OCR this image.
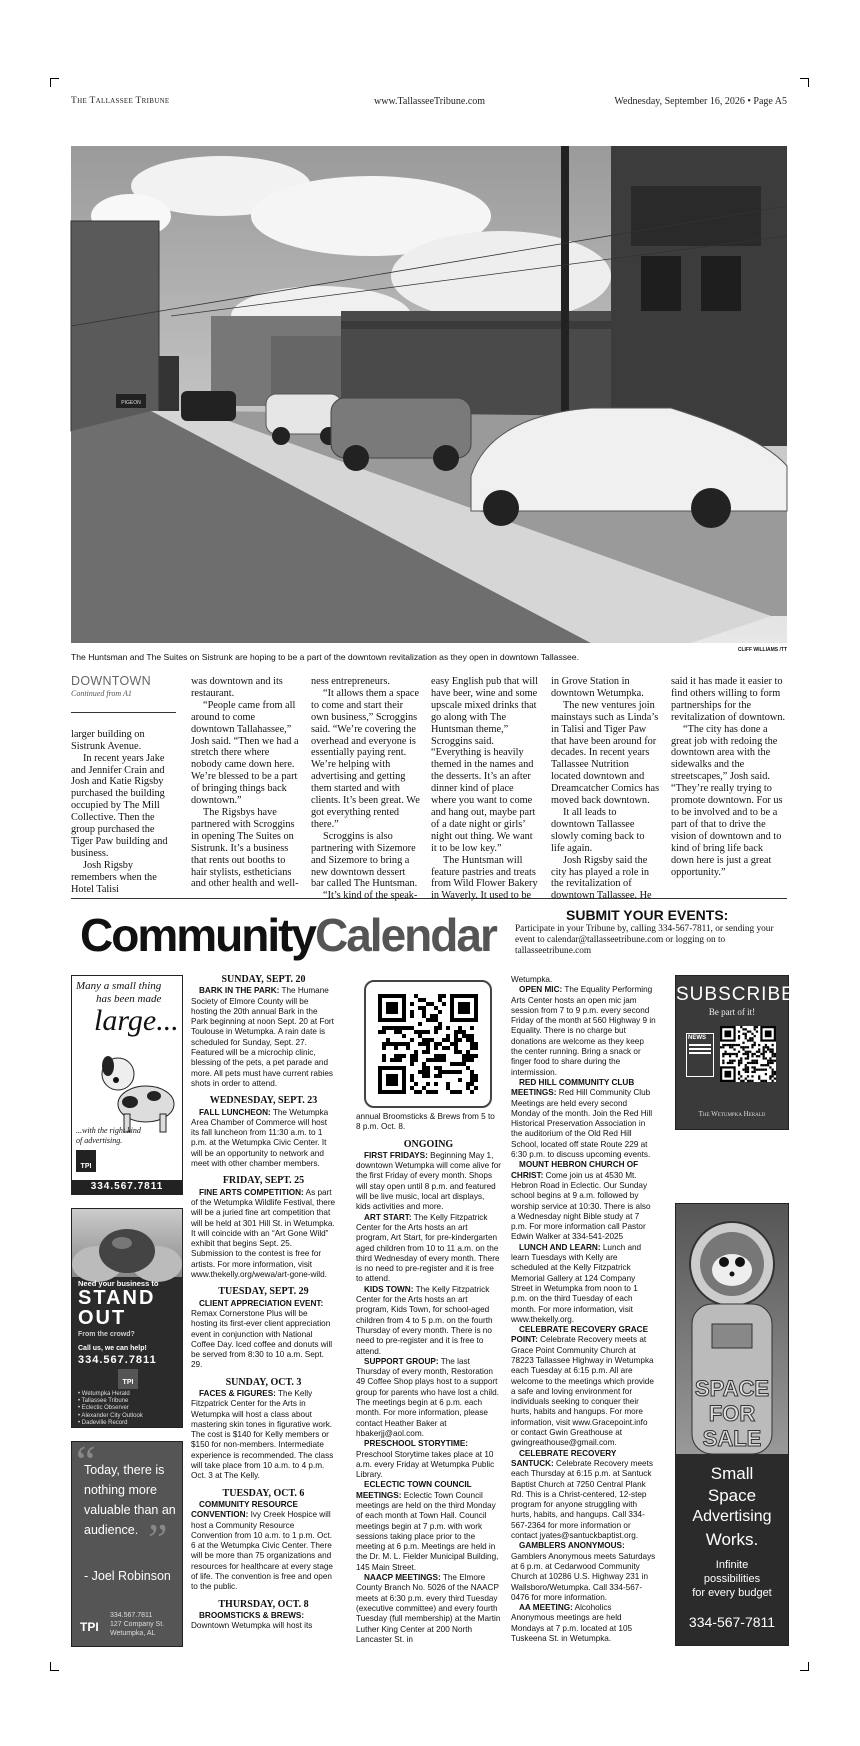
The Tallassee Tribune	www.TallasseeTribune.com	Wednesday, September 16, 2026 • Page A5
PIGEON
CLIFF WILLIAMS /TT
The Huntsman and The Suites on Sistrunk are hoping to be a part of the downtown revitalization as they open in downtown Tallassee.
DOWNTOWN
Continued from A1

larger building on Sistrunk Avenue.

In recent years Jake and Jennifer Crain and Josh and Katie Rigsby purchased the building occupied by The Mill Collective. Then the group purchased the Tiger Paw building and business.

Josh Rigsby remembers when the Hotel Talisi

was downtown and its restaurant.

“People came from all around to come downtown Tallahassee,” Josh said. “Then we had a stretch there where nobody came down here. We’re blessed to be a part of bringing things back downtown.”

The Rigsbys have partnered with Scroggins in opening The Suites on Sistrunk. It’s a business that rents out booths to hair stylists, estheticians and other health and well-

ness entrepreneurs.

“It allows them a space to come and start their own business,” Scroggins said. “We’re covering the overhead and everyone is essentially paying rent. We’re helping with advertising and getting them started and with clients. It’s been great. We got everything rented there.”

Scroggins is also partnering with Sizemore and Sizemore to bring a new downtown dessert bar called The Huntsman.

“It’s kind of the speak-

easy English pub that will have beer, wine and some upscale mixed drinks that go along with The Huntsman theme,” Scroggins said. “Everything is heavily themed in the names and the desserts. It’s an after dinner kind of place where you want to come and hang out, maybe part of a date night or girls’ night out thing. We want it to be low key.”

The Huntsman will feature pastries and treats from Wild Flower Bakery in Waverly. It used to be

in Grove Station in downtown Wetumpka.

The new ventures join mainstays such as Linda’s in Talisi and Tiger Paw that have been around for decades. In recent years Tallassee Nutrition located downtown and Dreamcatcher Comics has moved back downtown.

It all leads to downtown Tallassee slowly coming back to life again.

Josh Rigsby said the city has played a role in the revitalization of downtown Tallassee. He

said it has made it easier to find others willing to form partnerships for the revitalization of downtown.

“The city has done a great job with redoing the downtown area with the sidewalks and the streetscapes,” Josh said. “They’re really trying to promote downtown. For us to be involved and to be a part of that to drive the vision of downtown and to kind of bring life back down here is just a great opportunity.”

CommunityCalendar	SUBMIT YOUR EVENTS:
Participate in your Tribune by, calling 334-567-7811, or sending your event to calendar@tallasseetribune.com or logging on to tallasseetribune.com
SUNDAY, SEPT. 20

BARK IN THE PARK: The Humane Society of Elmore County will be hosting the 20th annual Bark in the Park beginning at noon Sept. 20 at Fort Toulouse in Wetumpka. A rain date is scheduled for Sunday, Sept. 27. Featured will be a microchip clinic, blessing of the pets, a pet parade and more. All pets must have current rabies shots in order to attend.

WEDNESDAY, SEPT. 23

FALL LUNCHEON: The Wetumpka Area Chamber of Commerce will host its fall luncheon from 11:30 a.m. to 1 p.m. at the Wetumpka Civic Center. It will be an opportunity to network and meet with other chamber members.

FRIDAY, SEPT. 25

FINE ARTS COMPETITION: As part of the Wetumpka Wildlife Festival, there will be a juried fine art competition that will be held at 301 Hill St. in Wetumpka. It will coincide with an “Art Gone Wild” exhibit that begins Sept. 25. Submission to the contest is free for artists. For more information, visit www.thekelly.org/wewa/art-gone-wild.

TUESDAY, SEPT. 29

CLIENT APPRECIATION EVENT: Remax Cornerstone Plus will be hosting its first-ever client appreciation event in conjunction with National Coffee Day. Iced coffee and donuts will be served from 8:30 to 10 a.m. Sept. 29.

SUNDAY, OCT. 3

FACES & FIGURES: The Kelly Fitzpatrick Center for the Arts in Wetumpka will host a class about mastering skin tones in figurative work. The cost is $140 for Kelly members or $150 for non-members. Intermediate experience is recommended. The class will take place from 10 a.m. to 4 p.m. Oct. 3 at The Kelly.

TUESDAY, OCT. 6

COMMUNITY RESOURCE CONVENTION: Ivy Creek Hospice will host a Community Resource Convention from 10 a.m. to 1 p.m. Oct. 6 at the Wetumpka Civic Center. There will be more than 75 organizations and resources for healthcare at every stage of life. The convention is free and open to the public.

THURSDAY, OCT. 8

BROOMSTICKS & BREWS: Downtown Wetumpka will host its

annual Broomsticks & Brews from 5 to 8 p.m. Oct. 8.

ONGOING

FIRST FRIDAYS: Beginning May 1, downtown Wetumpka will come alive for the first Friday of every month. Shops will stay open until 8 p.m. and featured will be live music, local art displays, kids activities and more.

ART START: The Kelly Fitzpatrick Center for the Arts hosts an art program, Art Start, for pre-kindergarten aged children from 10 to 11 a.m. on the third Wednesday of every month. There is no need to pre-register and it is free to attend.

KIDS TOWN: The Kelly Fitzpatrick Center for the Arts hosts an art program, Kids Town, for school-aged children from 4 to 5 p.m. on the fourth Thursday of every month. There is no need to pre-register and it is free to attend.

SUPPORT GROUP: The last Thursday of every month, Restoration 49 Coffee Shop plays host to a support group for parents who have lost a child. The meetings begin at 6 p.m. each month. For more information, please contact Heather Baker at hbakerjj@aol.com.

PRESCHOOL STORYTIME: Preschool Storytime takes place at 10 a.m. every Friday at Wetumpka Public Library.

ECLECTIC TOWN COUNCIL MEETINGS: Eclectic Town Council meetings are held on the third Monday of each month at Town Hall. Council meetings begin at 7 p.m. with work sessions taking place prior to the meeting at 6 p.m. Meetings are held in the Dr. M. L. Fielder Municipal Building, 145 Main Street.

NAACP MEETINGS: The Elmore County Branch No. 5026 of the NAACP meets at 6:30 p.m. every third Tuesday (executive committee) and every fourth Tuesday (full membership) at the Martin Luther King Center at 200 North Lancaster St. in

Wetumpka.

OPEN MIC: The Equality Performing Arts Center hosts an open mic jam session from 7 to 9 p.m. every second Friday of the month at 560 Highway 9 in Equality. There is no charge but donations are welcome as they keep the center running. Bring a snack or finger food to share during the intermission.

RED HILL COMMUNITY CLUB MEETINGS: Red Hill Community Club Meetings are held every second Monday of the month. Join the Red Hill Historical Preservation Association in the auditorium of the Old Red Hill School, located off state Route 229 at 6:30 p.m. to discuss upcoming events.

MOUNT HEBRON CHURCH OF CHRIST: Come join us at 4530 Mt. Hebron Road in Eclectic. Our Sunday school begins at 9 a.m. followed by worship service at 10:30. There is also a Wednesday night Bible study at 7 p.m. For more information call Pastor Edwin Walker at 334-541-2025

LUNCH AND LEARN: Lunch and learn Tuesdays with Kelly are scheduled at the Kelly Fitzpatrick Memorial Gallery at 124 Company Street in Wetumpka from noon to 1 p.m. on the third Tuesday of each month. For more information, visit www.thekelly.org.

CELEBRATE RECOVERY GRACE POINT: Celebrate Recovery meets at Grace Point Community Church at 78223 Tallassee Highway in Wetumpka each Tuesday at 6:15 p.m. All are welcome to the meetings which provide a safe and loving environment for individuals seeking to conquer their hurts, habits and hangups. For more information, visit www.Gracepoint.info or contact Gwin Greathouse at gwingreathouse@gmail.com.

CELEBRATE RECOVERY SANTUCK: Celebrate Recovery meets each Thursday at 6:15 p.m. at Santuck Baptist Church at 7250 Central Plank Rd. This is a Christ-centered, 12-step program for anyone struggling with hurts, habits, and hangups. Call 334-567-2364 for more information or contact jyates@santuckbaptist.org.

GAMBLERS ANONYMOUS: Gamblers Anonymous meets Saturdays at 6 p.m. at Cedarwood Community Church at 10286 U.S. Highway 231 in Wallsboro/Wetumpka. Call 334-567-0476 for more information.

AA MEETING: Alcoholics Anonymous meetings are held Mondays at 7 p.m. located at 105 Tuskeena St. in Wetumpka.

Many a small thing
has been made
large...
...with the right kind of advertising.
TPI
334.567.7811
Need your business to
STAND
OUT
From the crowd?
Call us, we can help!
334.567.7811
TPI
• Wetumpka Herald
• Tallassee Tribune
• Eclectic Observer
• Alexander City Outlook
• Dadeville Record
“
Today, there is nothing more valuable than an audience. ”
- Joel Robinson
TPI
334.567.7811
127 Company St.
Wetumpka, AL
SUBSCRIBE
Be part of it!
NEWS
The Wetumpka Herald
SPACE FOR SALE
Small
Space
Advertising
Works.
Infinite
possibilities
for every budget
334-567-7811
